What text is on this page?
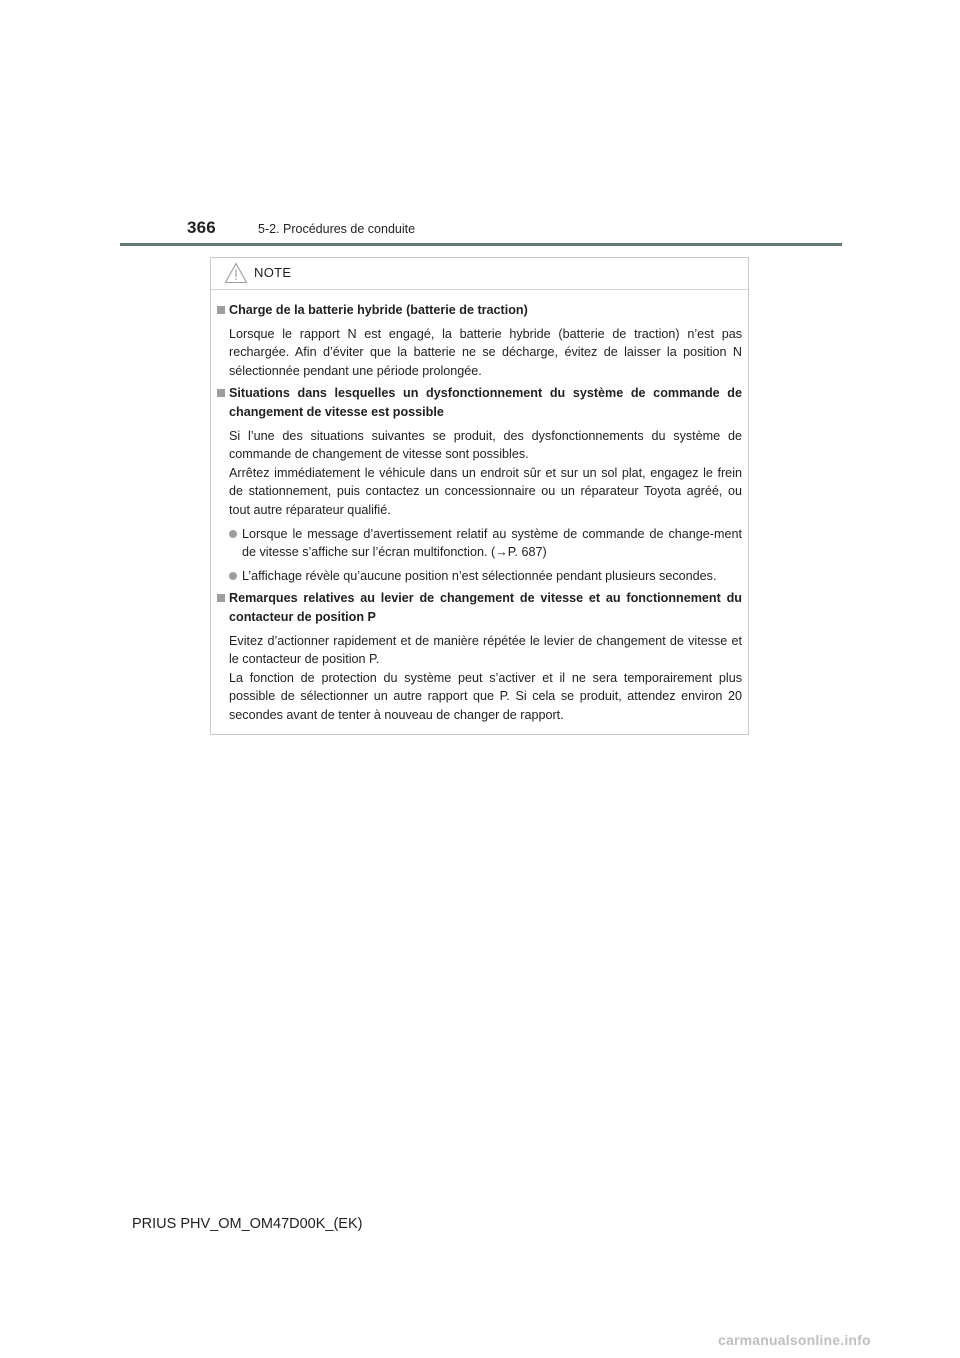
366	5-2. Procédures de conduite
NOTE
Charge de la batterie hybride (batterie de traction)
Lorsque le rapport N est engagé, la batterie hybride (batterie de traction) n’est pas rechargée. Afin d’éviter que la batterie ne se décharge, évitez de laisser la position N sélectionnée pendant une période prolongée.
Situations dans lesquelles un dysfonctionnement du système de commande de changement de vitesse est possible
Si l’une des situations suivantes se produit, des dysfonctionnements du système de commande de changement de vitesse sont possibles.
Arrêtez immédiatement le véhicule dans un endroit sûr et sur un sol plat, engagez le frein de stationnement, puis contactez un concessionnaire ou un réparateur Toyota agréé, ou tout autre réparateur qualifié.
Lorsque le message d’avertissement relatif au système de commande de change-ment de vitesse s’affiche sur l’écran multifonction. (→P. 687)
L’affichage révèle qu’aucune position n’est sélectionnée pendant plusieurs secondes.
Remarques relatives au levier de changement de vitesse et au fonctionnement du contacteur de position P
Evitez d’actionner rapidement et de manière répétée le levier de changement de vitesse et le contacteur de position P.
La fonction de protection du système peut s’activer et il ne sera temporairement plus possible de sélectionner un autre rapport que P. Si cela se produit, attendez environ 20 secondes avant de tenter à nouveau de changer de rapport.
PRIUS PHV_OM_OM47D00K_(EK)
carmanualsonline.info
